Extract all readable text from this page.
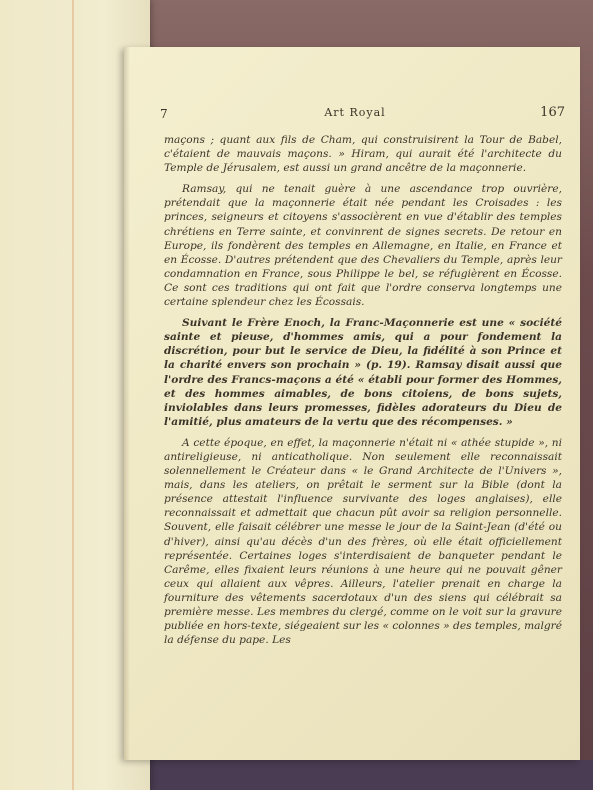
7	Art Royal	167

maçons ; quant aux fils de Cham, qui construisirent la Tour de Babel, c'étaient de mauvais maçons. » Hiram, qui aurait été l'architecte du Temple de Jérusalem, est aussi un grand ancêtre de la maçonnerie.

Ramsay, qui ne tenait guère à une ascendance trop ouvrière, prétendait que la maçonnerie était née pendant les Croisades : les princes, seigneurs et citoyens s'associèrent en vue d'établir des temples chrétiens en Terre sainte, et convinrent de signes secrets. De retour en Europe, ils fondèrent des temples en Allemagne, en Italie, en France et en Écosse. D'autres prétendent que des Chevaliers du Temple, après leur condamnation en France, sous Philippe le bel, se réfugièrent en Écosse. Ce sont ces traditions qui ont fait que l'ordre conserva longtemps une certaine splendeur chez les Écossais.

Suivant le Frère Enoch, la Franc-Maçonnerie est une « société sainte et pieuse, d'hommes amis, qui a pour fondement la discrétion, pour but le service de Dieu, la fidélité à son Prince et la charité envers son prochain » (p. 19). Ramsay disait aussi que l'ordre des Francs-maçons a été « établi pour former des Hommes, et des hommes aimables, de bons citoiens, de bons sujets, inviolables dans leurs promesses, fidèles adorateurs du Dieu de l'amitié, plus amateurs de la vertu que des récompenses. »

A cette époque, en effet, la maçonnerie n'était ni « athée stupide », ni antireligieuse, ni anticatholique. Non seulement elle reconnaissait solennellement le Créateur dans « le Grand Architecte de l'Univers », mais, dans les ateliers, on prêtait le serment sur la Bible (dont la présence attestait l'influence survivante des loges anglaises), elle reconnaissait et admettait que chacun pût avoir sa religion personnelle. Souvent, elle faisait célébrer une messe le jour de la Saint-Jean (d'été ou d'hiver), ainsi qu'au décès d'un des frères, où elle était officiellement représentée. Certaines loges s'interdisaient de banqueter pendant le Carême, elles fixaient leurs réunions à une heure qui ne pouvait gêner ceux qui allaient aux vêpres. Ailleurs, l'atelier prenait en charge la fourniture des vêtements sacerdotaux d'un des siens qui célébrait sa première messe. Les membres du clergé, comme on le voit sur la gravure publiée en hors-texte, siégeaient sur les « colonnes » des temples, malgré la défense du pape. Les
